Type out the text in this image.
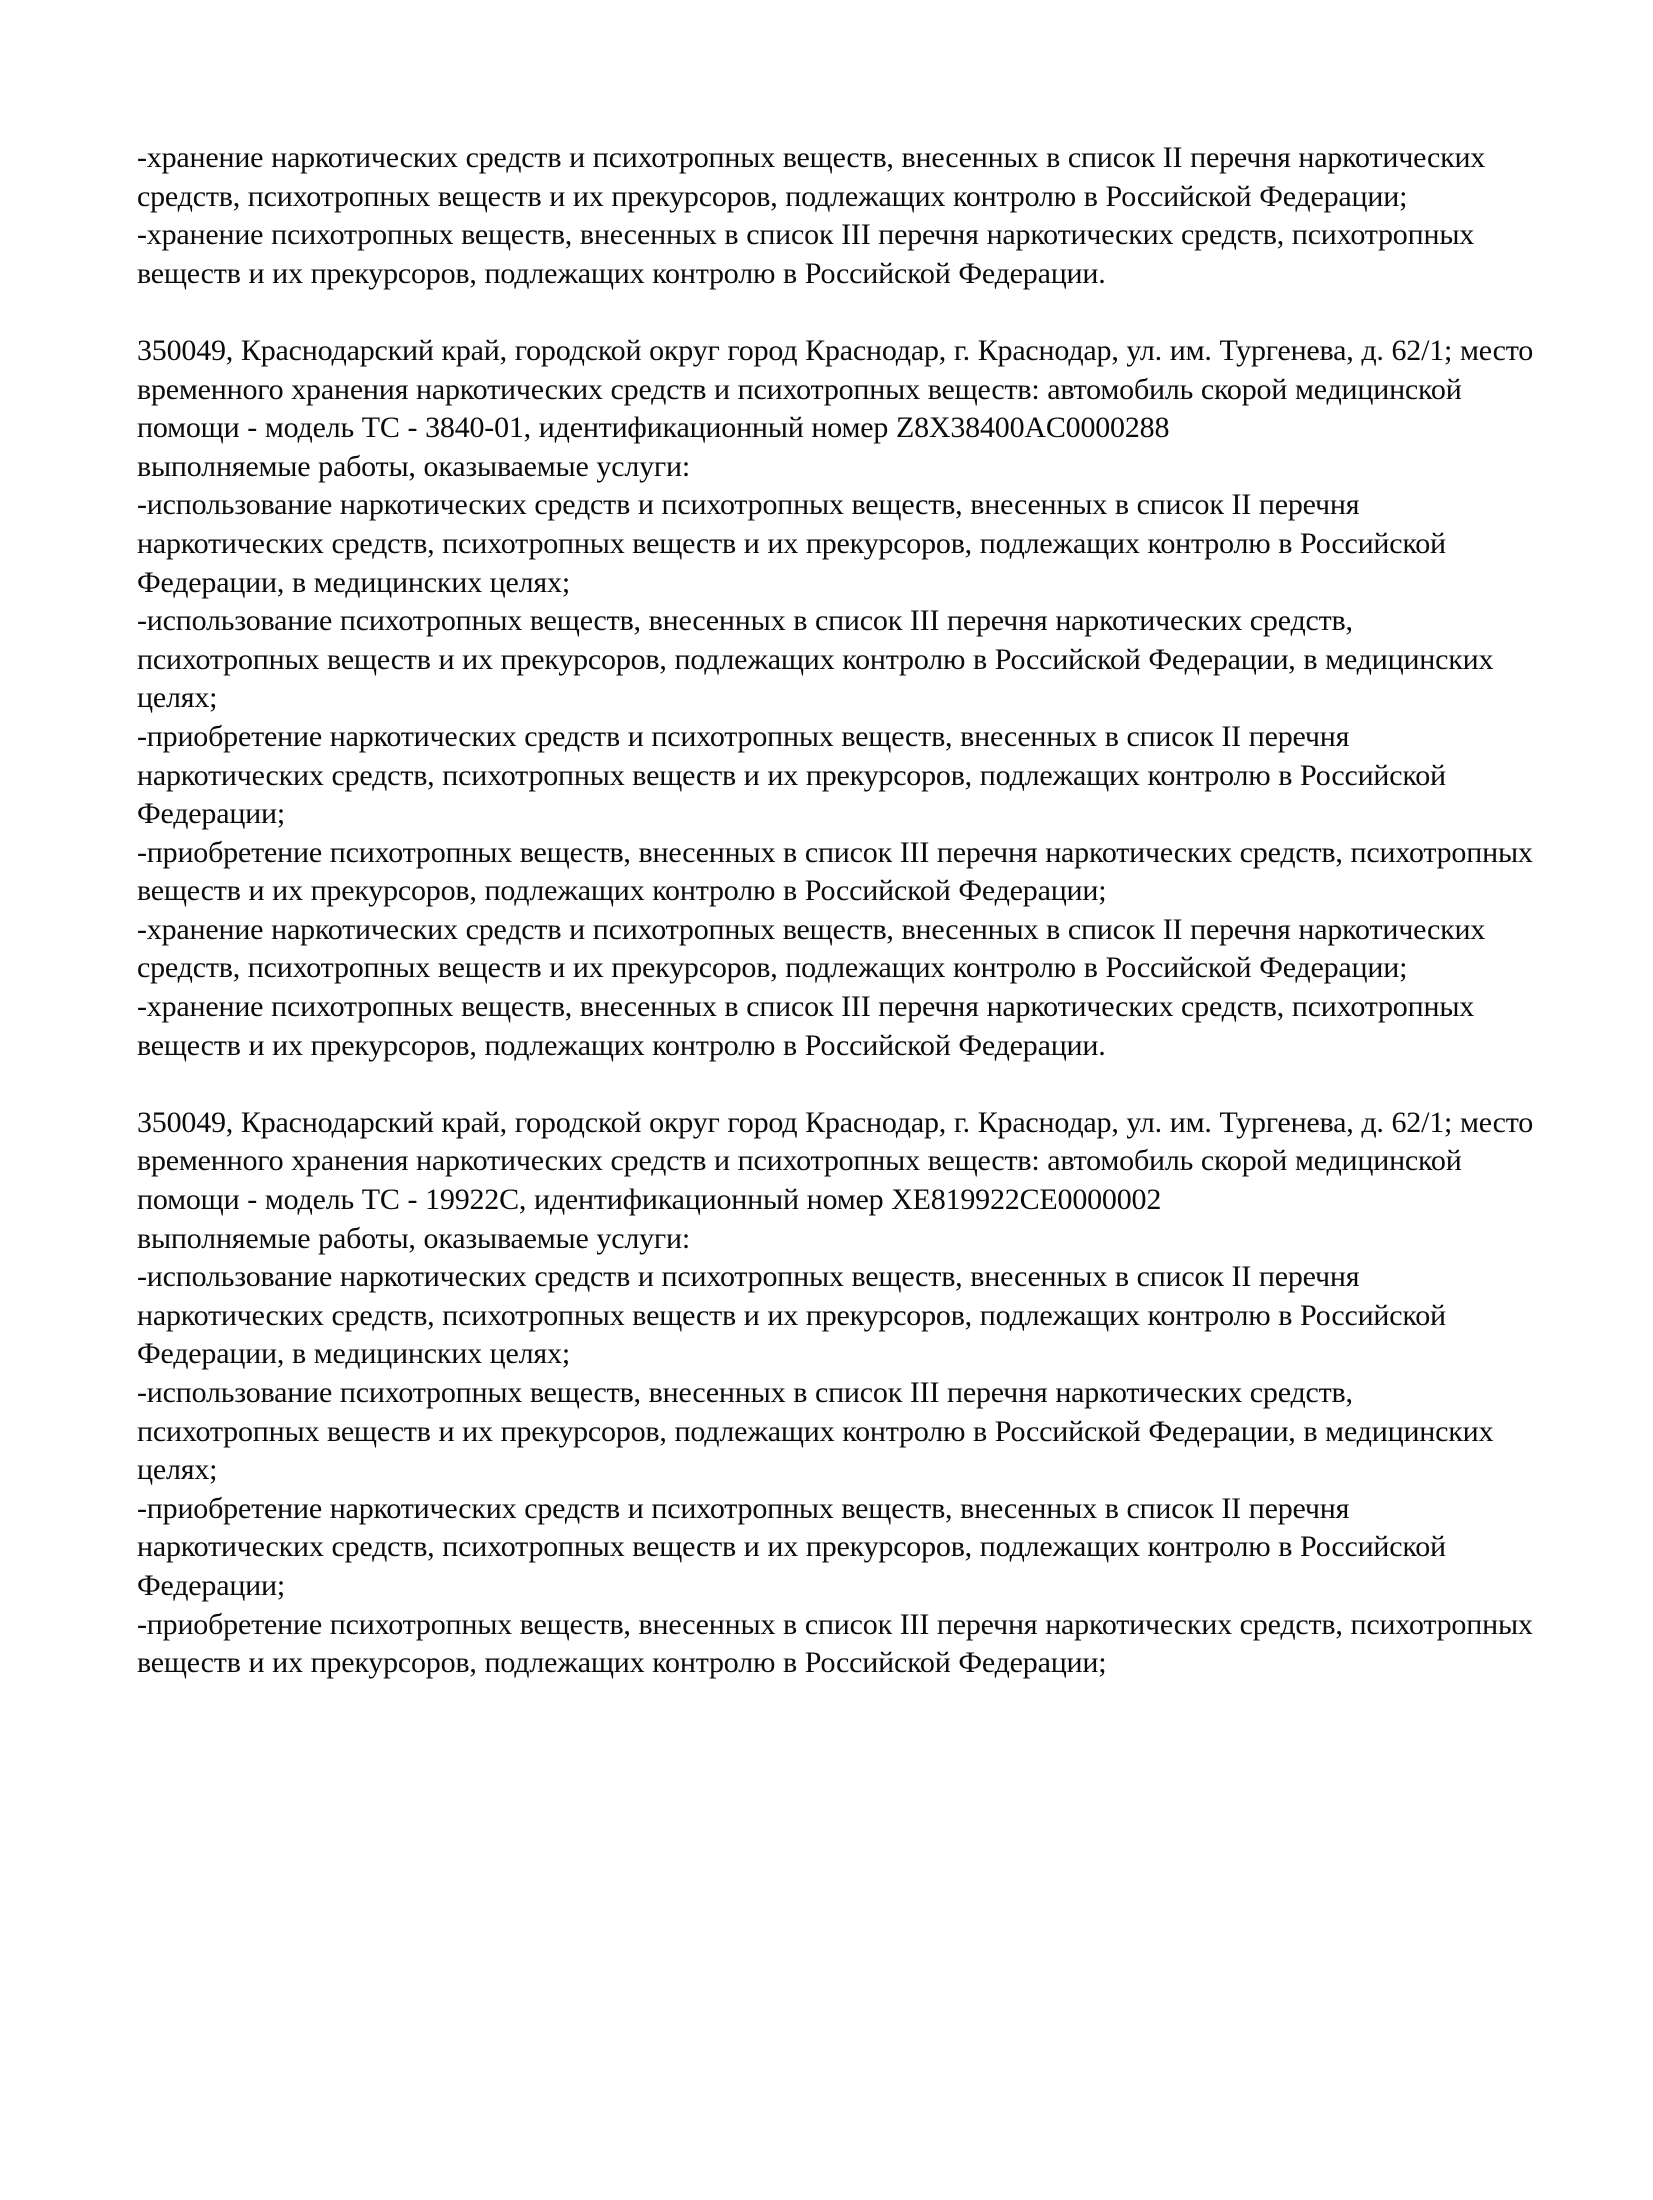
-хранение наркотических средств и психотропных веществ, внесенных в список II перечня наркотических средств, психотропных веществ и их прекурсоров, подлежащих контролю в Российской Федерации;

-хранение психотропных веществ, внесенных в список III перечня наркотических средств, психотропных веществ и их прекурсоров, подлежащих контролю в Российской Федерации.

350049, Краснодарский край, городской округ город Краснодар, г. Краснодар, ул. им. Тургенева, д. 62/1; место временного хранения наркотических средств и психотропных веществ: автомобиль скорой медицинской помощи - модель ТС - 3840-01, идентификационный номер Z8X38400AC0000288

выполняемые работы, оказываемые услуги:

-использование наркотических средств и психотропных веществ, внесенных в список II перечня наркотических средств, психотропных веществ и их прекурсоров, подлежащих контролю в Российской Федерации, в медицинских целях;

-использование психотропных веществ, внесенных в список III перечня наркотических средств, психотропных веществ и их прекурсоров, подлежащих контролю в Российской Федерации, в медицинских целях;

-приобретение наркотических средств и психотропных веществ, внесенных в список II перечня наркотических средств, психотропных веществ и их прекурсоров, подлежащих контролю в Российской Федерации;

-приобретение психотропных веществ, внесенных в список III перечня наркотических средств, психотропных веществ и их прекурсоров, подлежащих контролю в Российской Федерации;

-хранение наркотических средств и психотропных веществ, внесенных в список II перечня наркотических средств, психотропных веществ и их прекурсоров, подлежащих контролю в Российской Федерации;

-хранение психотропных веществ, внесенных в список III перечня наркотических средств, психотропных веществ и их прекурсоров, подлежащих контролю в Российской Федерации.

350049, Краснодарский край, городской округ город Краснодар, г. Краснодар, ул. им. Тургенева, д. 62/1; место временного хранения наркотических средств и психотропных веществ: автомобиль скорой медицинской помощи - модель ТС - 19922С, идентификационный номер XE819922CE0000002

выполняемые работы, оказываемые услуги:

-использование наркотических средств и психотропных веществ, внесенных в список II перечня наркотических средств, психотропных веществ и их прекурсоров, подлежащих контролю в Российской Федерации, в медицинских целях;

-использование психотропных веществ, внесенных в список III перечня наркотических средств, психотропных веществ и их прекурсоров, подлежащих контролю в Российской Федерации, в медицинских целях;

-приобретение наркотических средств и психотропных веществ, внесенных в список II перечня наркотических средств, психотропных веществ и их прекурсоров, подлежащих контролю в Российской Федерации;

-приобретение психотропных веществ, внесенных в список III перечня наркотических средств, психотропных веществ и их прекурсоров, подлежащих контролю в Российской Федерации;
